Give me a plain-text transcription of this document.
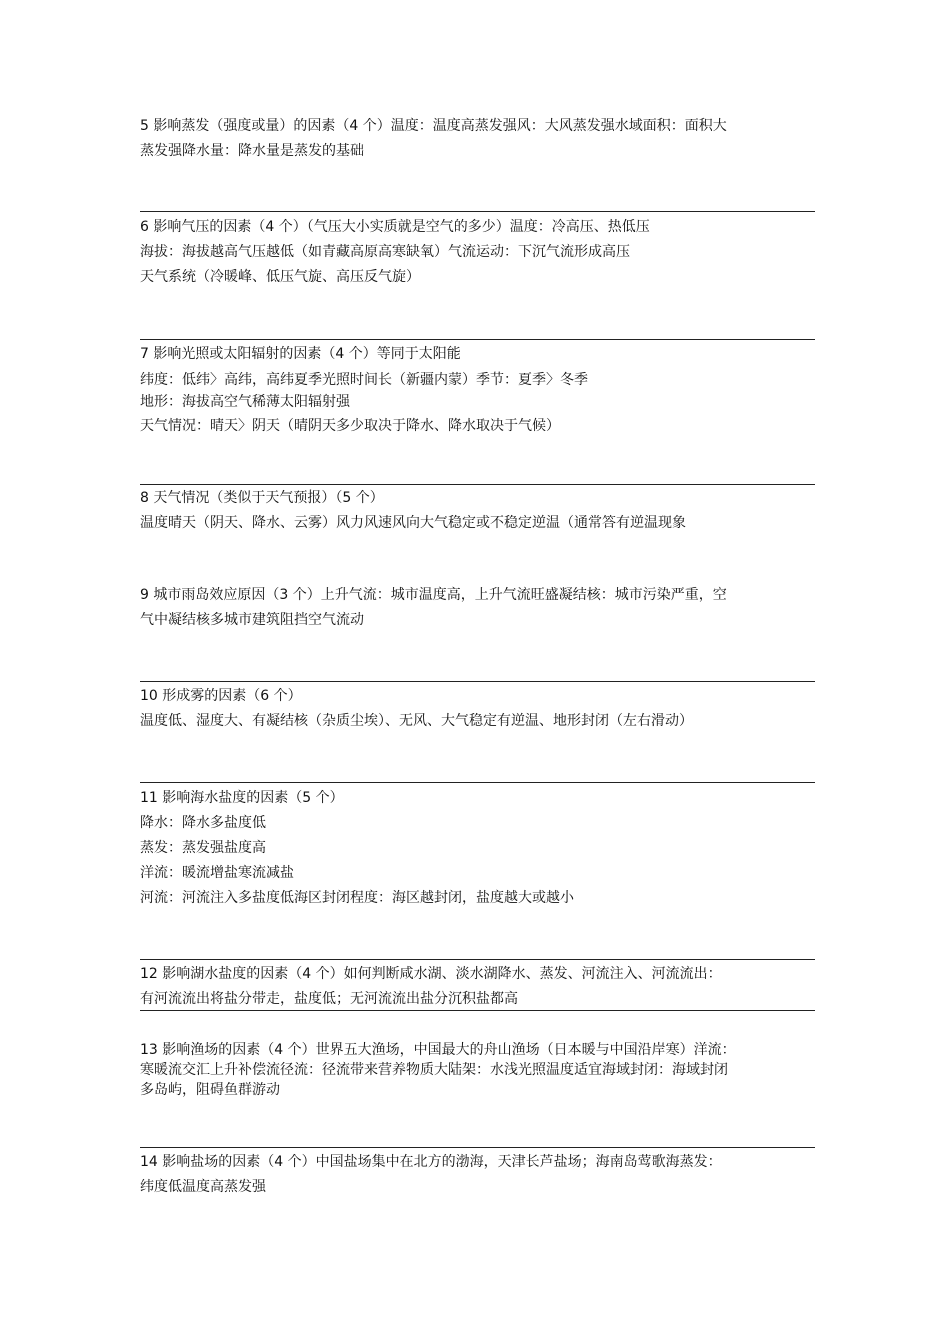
5 影响蒸发（强度或量）的因素（4 个）温度：温度高蒸发强风：大风蒸发强水域面积：面积大
蒸发强降水量：降水量是蒸发的基础
6 影响气压的因素（4 个）（气压大小实质就是空气的多少）温度：冷高压、热低压
海拔：海拔越高气压越低（如青藏高原高寒缺氧）气流运动：下沉气流形成高压
天气系统（冷暖峰、低压气旋、高压反气旋）
7 影响光照或太阳辐射的因素（4 个）等同于太阳能
纬度：低纬〉高纬，高纬夏季光照时间长（新疆内蒙）季节：夏季〉冬季
地形：海拔高空气稀薄太阳辐射强
天气情况：晴天〉阴天（晴阴天多少取决于降水、降水取决于气候）
8 天气情况（类似于天气预报）（5 个）
温度晴天（阴天、降水、云雾）风力风速风向大气稳定或不稳定逆温（通常答有逆温现象
9 城市雨岛效应原因（3 个）上升气流：城市温度高，上升气流旺盛凝结核：城市污染严重，空
气中凝结核多城市建筑阻挡空气流动
10 形成雾的因素（6 个）
温度低、湿度大、有凝结核（杂质尘埃）、无风、大气稳定有逆温、地形封闭（左右滑动）
11 影响海水盐度的因素（5 个）
降水：降水多盐度低
蒸发：蒸发强盐度高
洋流：暖流增盐寒流减盐
河流：河流注入多盐度低海区封闭程度：海区越封闭，盐度越大或越小
12 影响湖水盐度的因素（4 个）如何判断咸水湖、淡水湖降水、蒸发、河流注入、河流流出：
有河流流出将盐分带走，盐度低；无河流流出盐分沉积盐都高
13 影响渔场的因素（4 个）世界五大渔场，中国最大的舟山渔场（日本暖与中国沿岸寒）洋流：
寒暖流交汇上升补偿流径流：径流带来营养物质大陆架：水浅光照温度适宜海域封闭：海域封闭
多岛屿，阻碍鱼群游动
14 影响盐场的因素（4 个）中国盐场集中在北方的渤海，天津长芦盐场；海南岛莺歌海蒸发：
纬度低温度高蒸发强
